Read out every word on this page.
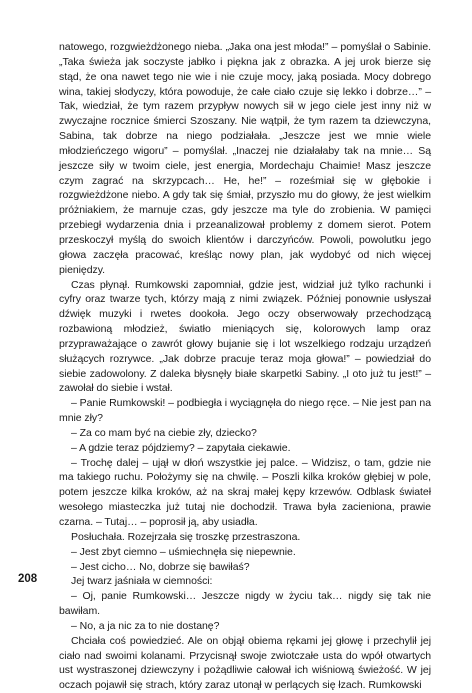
natowego, rozgwieżdżonego nieba. „Jaka ona jest młoda!” – pomyślał o Sabinie. „Taka świeża jak soczyste jabłko i piękna jak z obrazka. A jej urok bierze się stąd, że ona nawet tego nie wie i nie czuje mocy, jaką posiada. Mocy dobrego wina, takiej słodyczy, która powoduje, że całe ciało czuje się lekko i dobrze…” – Tak, wiedział, że tym razem przypływ nowych sił w jego ciele jest inny niż w zwyczajne rocznice śmierci Szoszany. Nie wątpił, że tym razem ta dziewczyna, Sabina, tak dobrze na niego podziałała. „Jeszcze jest we mnie wiele młodzieńczego wigoru” – pomyślał. „Inaczej nie działałaby tak na mnie… Są jeszcze siły w twoim ciele, jest energia, Mordechaju Chaimie! Masz jeszcze czym zagrać na skrzypcach… He, he!” – roześmiał się w głębokie i rozgwieżdżone niebo. A gdy tak się śmiał, przyszło mu do głowy, że jest wielkim próżniakiem, że marnuje czas, gdy jeszcze ma tyle do zrobienia. W pamięci przebiegł wydarzenia dnia i przeanalizował problemy z domem sierot. Potem przeskoczył myślą do swoich klientów i darczyńców. Powoli, powolutku jego głowa zaczęła pracować, kreśląc nowy plan, jak wydobyć od nich więcej pieniędzy.

Czas płynął. Rumkowski zapomniał, gdzie jest, widział już tylko rachunki i cyfry oraz twarze tych, którzy mają z nimi związek. Później ponownie usłyszał dźwięk muzyki i rwetes dookoła. Jego oczy obserwowały przechodzącą rozbawioną młodzież, światło mieniących się, kolorowych lamp oraz przypraważające o zawrót głowy bujanie się i lot wszelkiego rodzaju urządzeń służących rozrywce. „Jak dobrze pracuje teraz moja głowa!” – powiedział do siebie zadowolony. Z daleka błysnęły białe skarpetki Sabiny. „I oto już tu jest!” – zawołał do siebie i wstał.

– Panie Rumkowski! – podbiegła i wyciągnęła do niego ręce. – Nie jest pan na mnie zły?

– Za co mam być na ciebie zły, dziecko?

– A gdzie teraz pójdziemy? – zapytała ciekawie.

– Trochę dalej – ujął w dłoń wszystkie jej palce. – Widzisz, o tam, gdzie nie ma takiego ruchu. Położymy się na chwilę. – Poszli kilka kroków głębiej w pole, potem jeszcze kilka kroków, aż na skraj małej kępy krzewów. Odblask świateł wesołego miasteczka już tutaj nie dochodził. Trawa była zacieniona, prawie czarna. – Tutaj… – poprosił ją, aby usiadła.

Posłuchała. Rozejrzała się troszkę przestraszona.

– Jest zbyt ciemno – uśmiechnęła się niepewnie.

– Jest cicho… No, dobrze się bawiłaś?

Jej twarz jaśniała w ciemności:

– Oj, panie Rumkowski… Jeszcze nigdy w życiu tak… nigdy się tak nie bawiłam.

– No, a ja nic za to nie dostanę?

Chciała coś powiedzieć. Ale on objął obiema rękami jej głowę i przechylił jej ciało nad swoimi kolanami. Przycisnął swoje zwiotczałe usta do wpół otwartych ust wystraszonej dziewczyny i pożądliwie całował ich wiśniową świeżość. W jej oczach pojawił się strach, który zaraz utonął w perlących się łzach. Rumkowski

208
